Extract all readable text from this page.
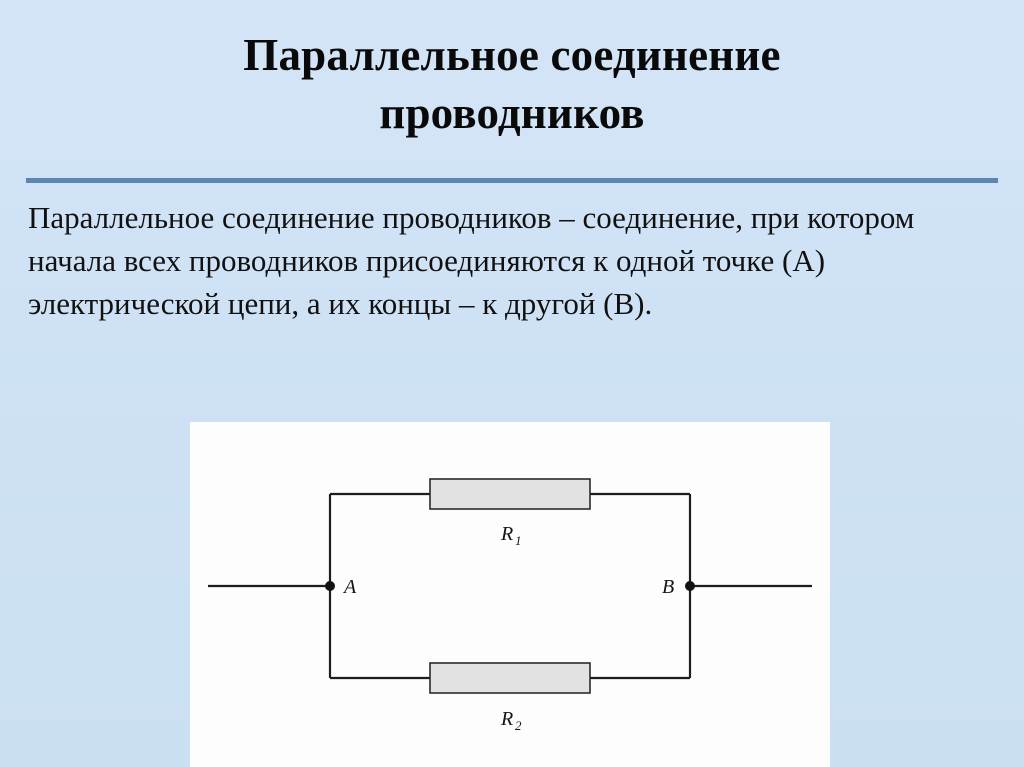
Параллельное соединение
проводников
Параллельное соединение проводников – соединение, при котором начала всех проводников присоединяются к одной точке (А) электрической цепи, а их концы – к другой (В).
A	B
R 1
R 2
